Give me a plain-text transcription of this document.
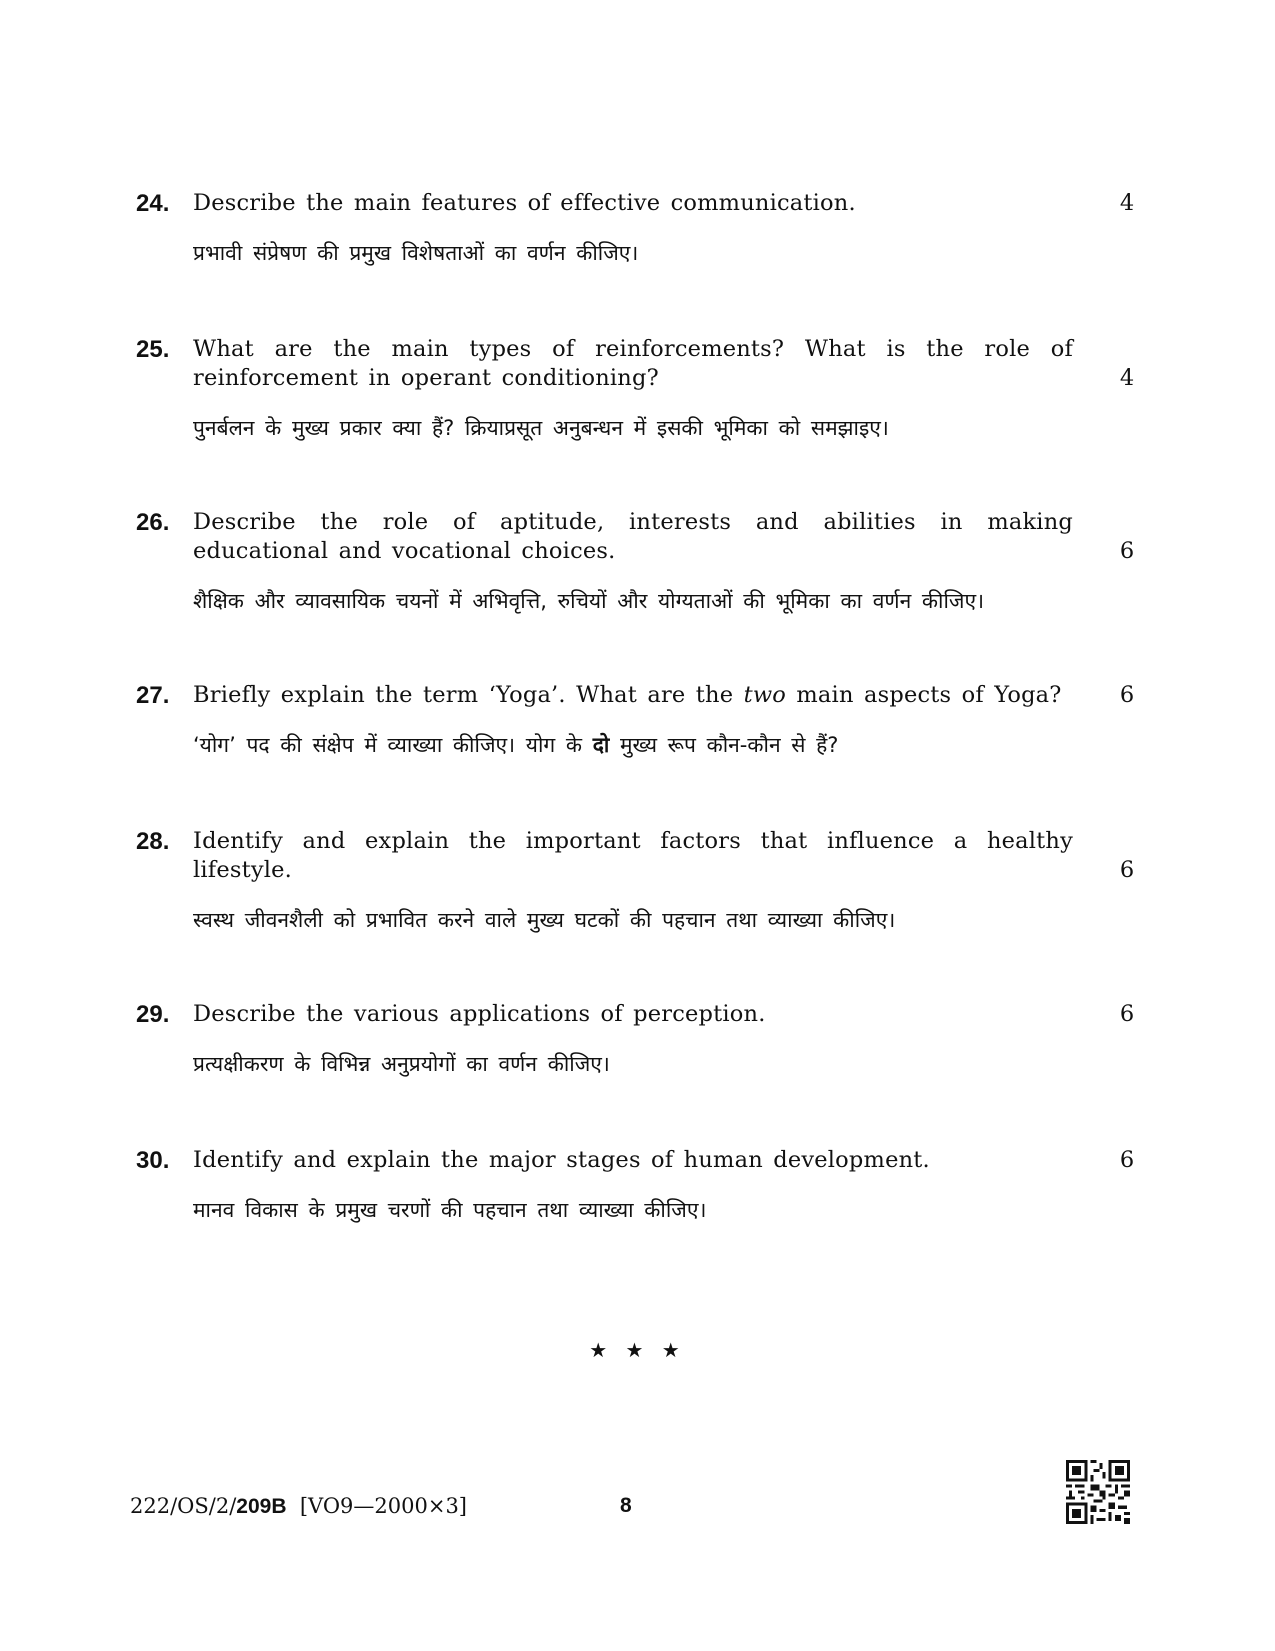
24. Describe the main features of effective communication.	4
प्रभावी संप्रेषण की प्रमुख विशेषताओं का वर्णन कीजिए।
25. What are the main types of reinforcements? What is the role of reinforcement in operant conditioning?	4
पुनर्बलन के मुख्य प्रकार क्या हैं? क्रियाप्रसूत अनुबन्धन में इसकी भूमिका को समझाइए।
26. Describe the role of aptitude, interests and abilities in making educational and vocational choices.	6
शैक्षिक और व्यावसायिक चयनों में अभिवृत्ति, रुचियों और योग्यताओं की भूमिका का वर्णन कीजिए।
27. Briefly explain the term ‘Yoga’. What are the two main aspects of Yoga?	6
‘योग’ पद की संक्षेप में व्याख्या कीजिए। योग के दो मुख्य रूप कौन-कौन से हैं?
28. Identify and explain the important factors that influence a healthy lifestyle.	6
स्वस्थ जीवनशैली को प्रभावित करने वाले मुख्य घटकों की पहचान तथा व्याख्या कीजिए।
29. Describe the various applications of perception.	6
प्रत्यक्षीकरण के विभिन्न अनुप्रयोगों का वर्णन कीजिए।
30. Identify and explain the major stages of human development.	6
मानव विकास के प्रमुख चरणों की पहचान तथा व्याख्या कीजिए।
★ ★ ★
222/OS/2/209B [VO9—2000×3]	8
